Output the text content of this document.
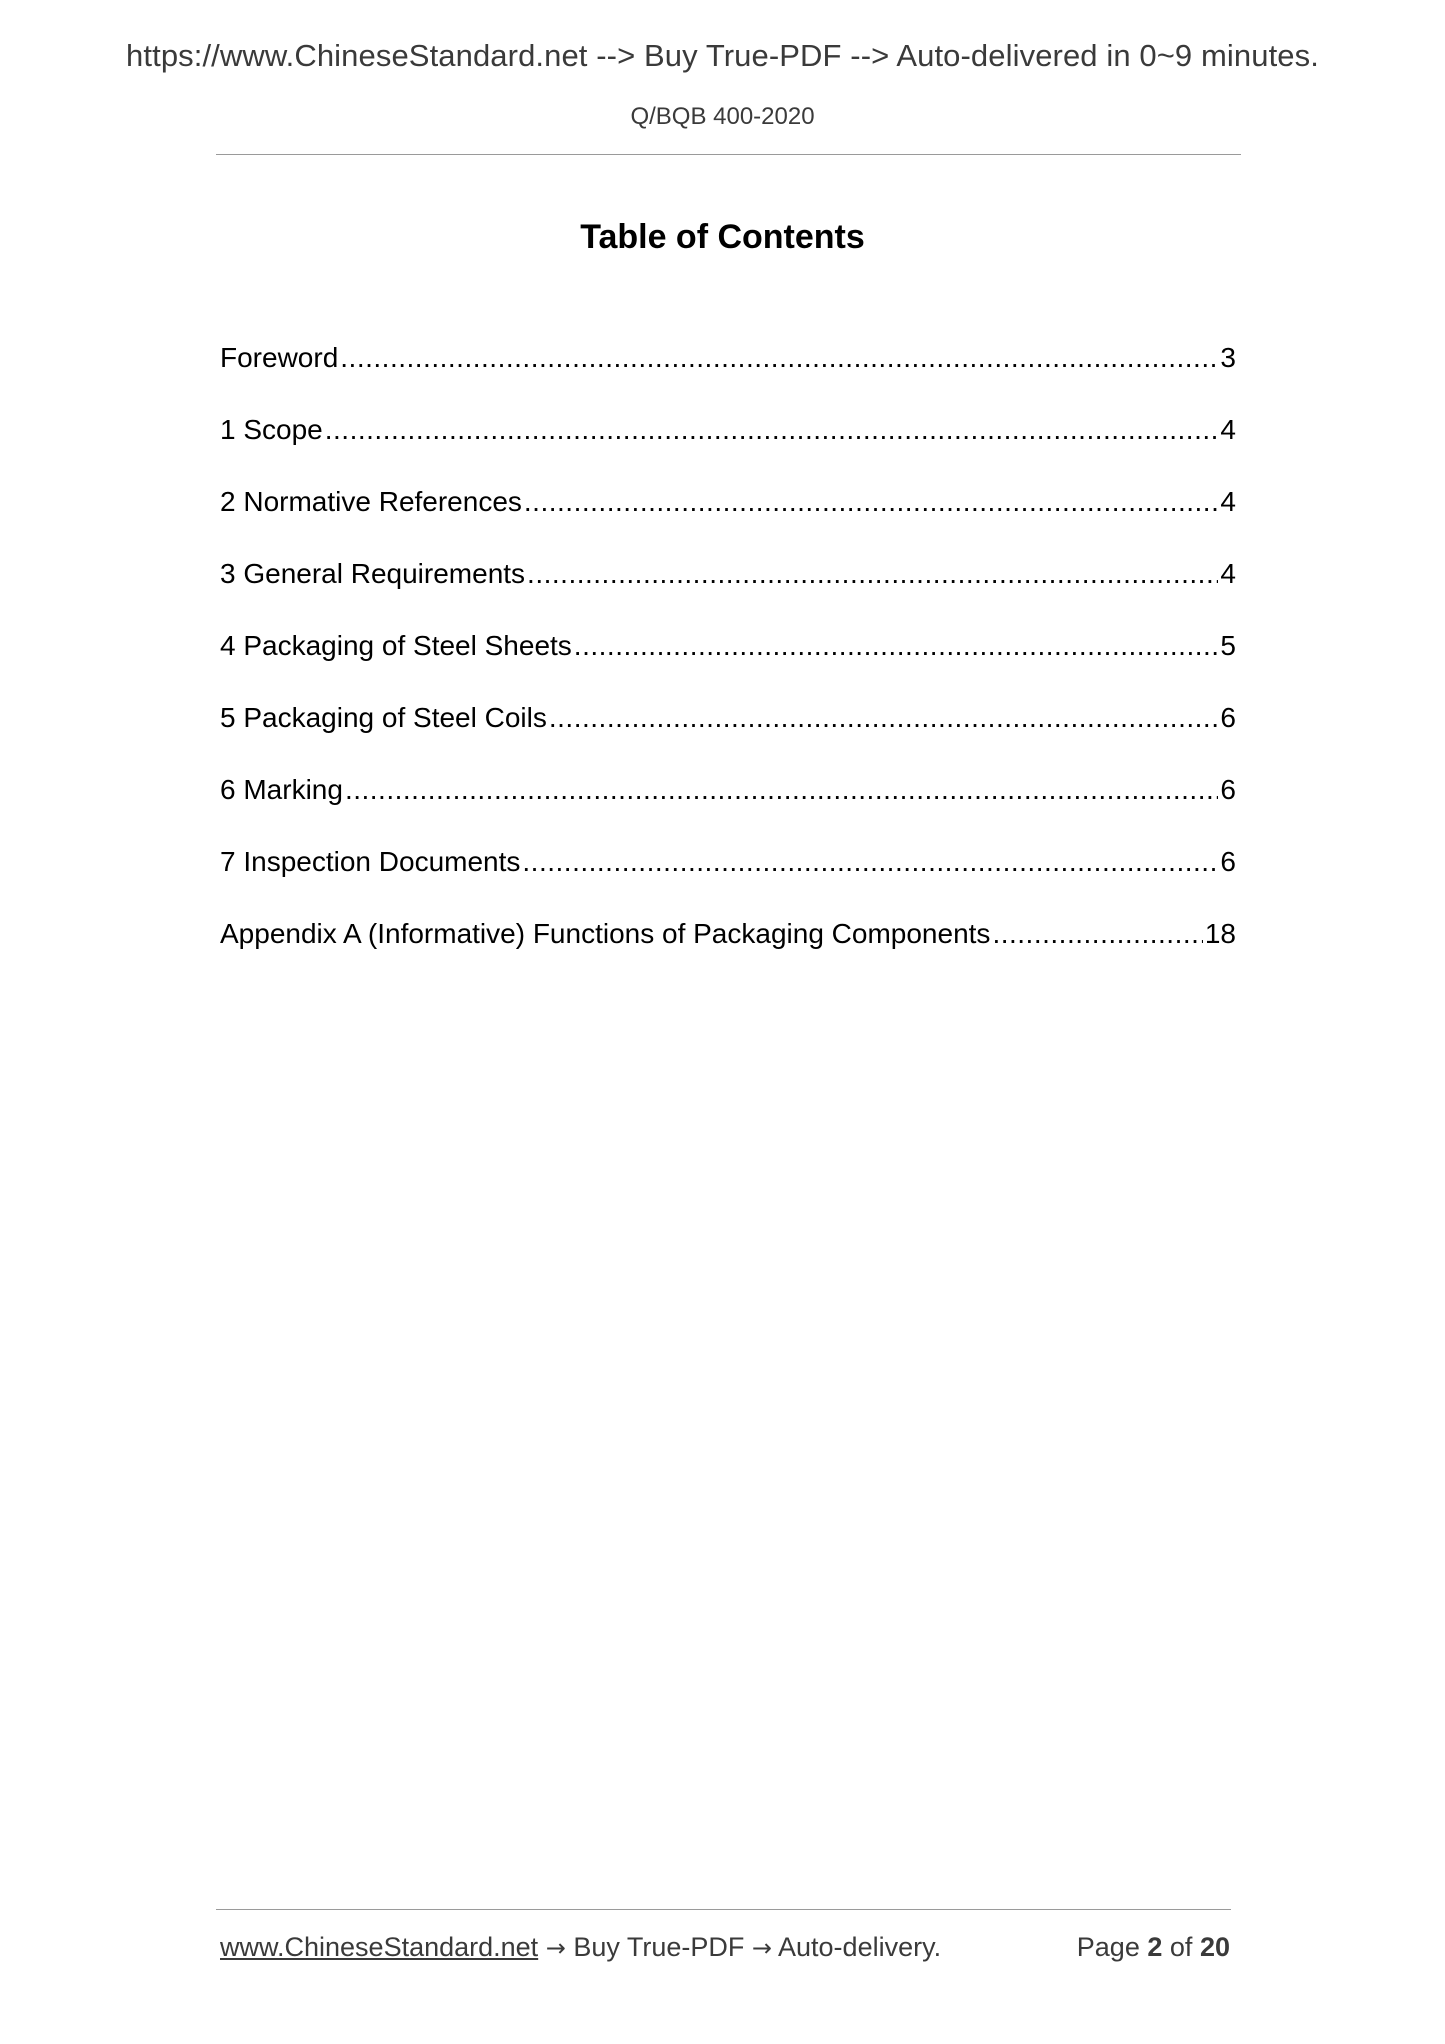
https://www.ChineseStandard.net --> Buy True-PDF --> Auto-delivered in 0~9 minutes.
Q/BQB 400-2020
Table of Contents
Foreword .....	3
1 Scope .....	4
2 Normative References .....	4
3 General Requirements .....	4
4 Packaging of Steel Sheets .....	5
5 Packaging of Steel Coils .....	6
6 Marking .....	6
7 Inspection Documents .....	6
Appendix A (Informative) Functions of Packaging Components .....	18
www.ChineseStandard.net → Buy True-PDF → Auto-delivery.	Page 2 of 20
